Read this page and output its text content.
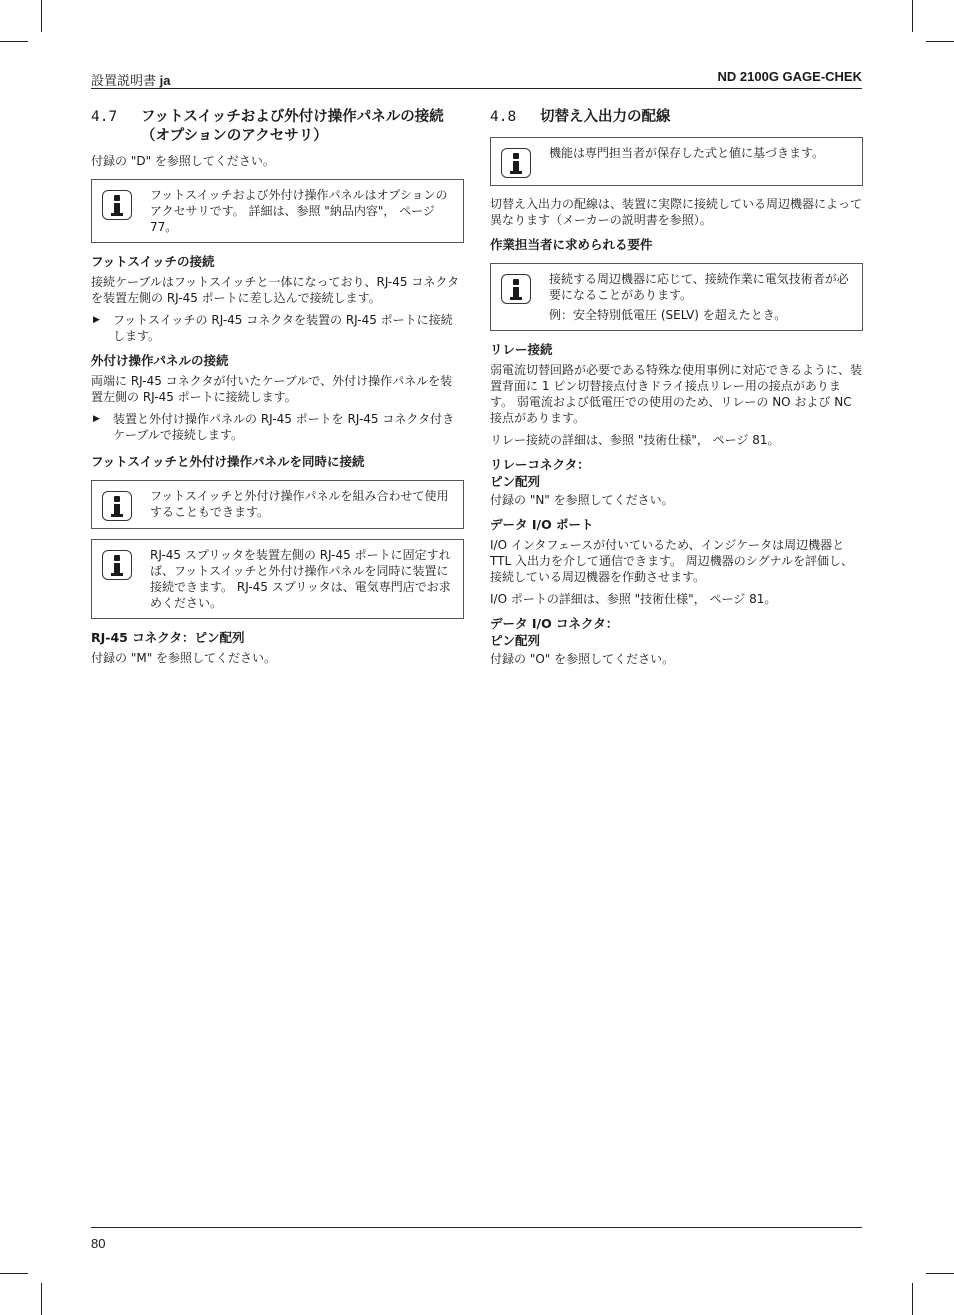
設置説明書 ja	ND 2100G GAGE-CHEK
4.7	フットスイッチおよび外付け操作パネルの接続（オプションのアクセサリ）
付録の "D" を参照してください。
フットスイッチおよび外付け操作パネルはオプションのアクセサリです。 詳細は、参照 "納品内容"， ページ 77。
フットスイッチの接続
接続ケーブルはフットスイッチと一体になっており、RJ-45 コネクタを装置左側の RJ-45 ポートに差し込んで接続します。
▶	フットスイッチの RJ-45 コネクタを装置の RJ-45 ポートに接続します。
外付け操作パネルの接続
両端に RJ-45 コネクタが付いたケーブルで、外付け操作パネルを装置左側の RJ-45 ポートに接続します。
▶	装置と外付け操作パネルの RJ-45 ポートを RJ-45 コネクタ付きケーブルで接続します。
フットスイッチと外付け操作パネルを同時に接続
フットスイッチと外付け操作パネルを組み合わせて使用することもできます。
RJ-45 スプリッタを装置左側の RJ-45 ポートに固定すれば、フットスイッチと外付け操作パネルを同時に装置に接続できます。 RJ-45 スプリッタは、電気専門店でお求めください。
RJ-45 コネクタ：ピン配列
付録の "M" を参照してください。
4.8	切替え入出力の配線
機能は専門担当者が保存した式と値に基づきます。
切替え入出力の配線は、装置に実際に接続している周辺機器によって異なります（メーカーの説明書を参照）。
作業担当者に求められる要件
接続する周辺機器に応じて、接続作業に電気技術者が必要になることがあります。
例：安全特別低電圧 (SELV) を超えたとき。
リレー接続
弱電流切替回路が必要である特殊な使用事例に対応できるように、装置背面に 1 ピン切替接点付きドライ接点リレー用の接点があります。 弱電流および低電圧での使用のため、リレーの NO および NC 接点があります。
リレー接続の詳細は、参照 "技術仕様"， ページ 81。
リレーコネクタ：
ピン配列
付録の "N" を参照してください。
データ I/O ポート
I/O インタフェースが付いているため、インジケータは周辺機器と TTL 入出力を介して通信できます。 周辺機器のシグナルを評価し、接続している周辺機器を作動させます。
I/O ポートの詳細は、参照 "技術仕様"， ページ 81。
データ I/O コネクタ：
ピン配列
付録の "O" を参照してください。
80
